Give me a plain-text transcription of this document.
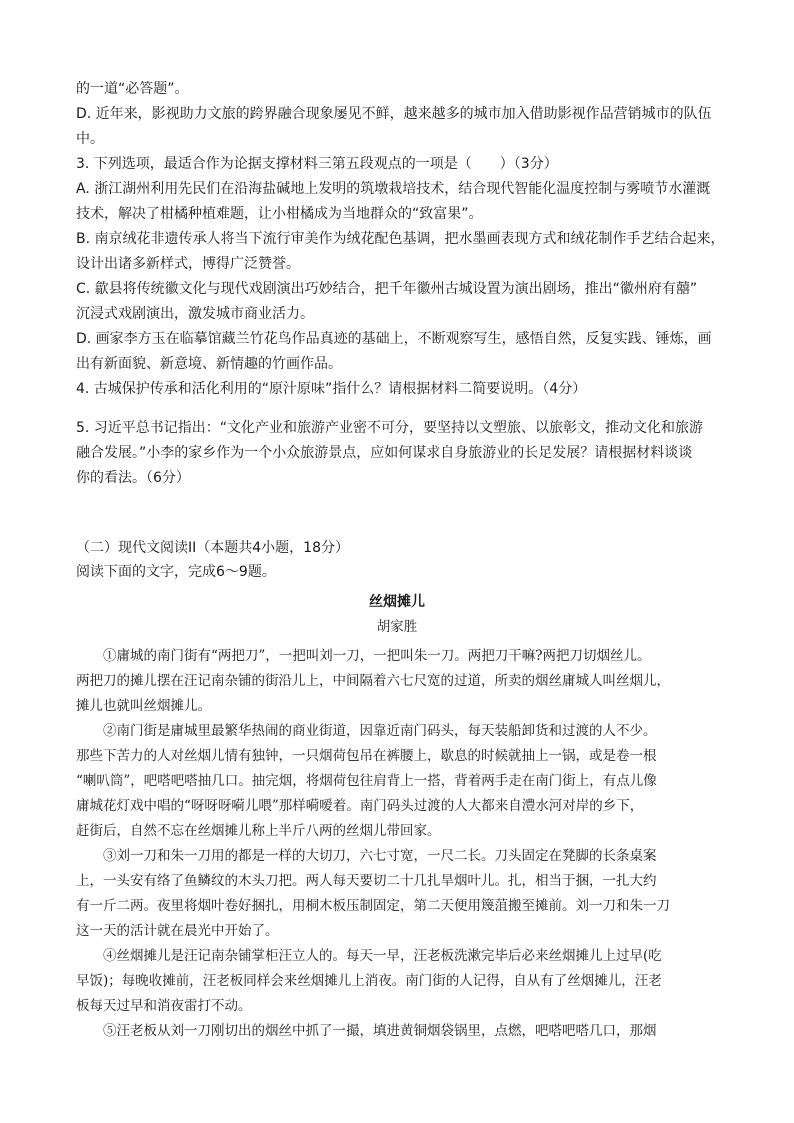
的一道“必答题”。
D. 近年来，影视助力文旅的跨界融合现象屡见不鲜，越来越多的城市加入借助影视作品营销城市的队伍
中。
3. 下列选项，最适合作为论据支撑材料三第五段观点的一项是（　　）（3分）
A. 浙江湖州利用先民们在沿海盐碱地上发明的筑墩栽培技术，结合现代智能化温度控制与雾喷节水灌溉
技术，解决了柑橘种植难题，让小柑橘成为当地群众的“致富果”。
B. 南京绒花非遗传承人将当下流行审美作为绒花配色基调，把水墨画表现方式和绒花制作手艺结合起来，
设计出诸多新样式，博得广泛赞誉。
C. 歙县将传统徽文化与现代戏剧演出巧妙结合，把千年徽州古城设置为演出剧场，推出“徽州府有囍”
沉浸式戏剧演出，激发城市商业活力。
D. 画家李方玉在临摹馆藏兰竹花鸟作品真迹的基础上，不断观察写生，感悟自然，反复实践、锤炼，画
出有新面貌、新意境、新情趣的竹画作品。
4. 古城保护传承和活化利用的“原汁原味”指什么？请根据材料二简要说明。（4分）
5. 习近平总书记指出：“文化产业和旅游产业密不可分，要坚持以文塑旅、以旅彰文，推动文化和旅游
融合发展。”小李的家乡作为一个小众旅游景点，应如何谋求自身旅游业的长足发展？请根据材料谈谈
你的看法。（6分）
（二）现代文阅读II（本题共4小题，18分）
阅读下面的文字，完成6～9题。
丝烟摊儿
胡家胜
　　①庸城的南门街有“两把刀”，一把叫刘一刀，一把叫朱一刀。两把刀干嘛?两把刀切烟丝儿。
两把刀的摊儿摆在汪记南杂铺的街沿儿上，中间隔着六七尺宽的过道，所卖的烟丝庸城人叫丝烟儿，
摊儿也就叫丝烟摊儿。
　　②南门街是庸城里最繁华热闹的商业街道，因靠近南门码头，每天装船卸货和过渡的人不少。
那些下苦力的人对丝烟儿情有独钟，一只烟荷包吊在裤腰上，歇息的时候就抽上一锅，或是卷一根
“喇叭筒”，吧嗒吧嗒抽几口。抽完烟，将烟荷包往肩背上一搭，背着两手走在南门街上，有点儿像
庸城花灯戏中唱的“呀呀呀嗬儿喂”那样嗬嗳着。南门码头过渡的人大都来自澧水河对岸的乡下，
赶街后，自然不忘在丝烟摊儿称上半斤八两的丝烟儿带回家。
　　③刘一刀和朱一刀用的都是一样的大切刀，六七寸宽，一尺二长。刀头固定在凳脚的长条桌案
上，一头安有络了鱼鳞纹的木头刀把。两人每天要切二十几扎旱烟叶儿。扎，相当于捆，一扎大约
有一斤二两。夜里将烟叶卷好捆扎，用桐木板压制固定，第二天便用篾菹搬至摊前。刘一刀和朱一刀
这一天的活计就在晨光中开始了。
　　④丝烟摊儿是汪记南杂铺掌柜汪立人的。每天一早，汪老板洗漱完毕后必来丝烟摊儿上过早(吃
早饭)；每晚收摊前，汪老板同样会来丝烟摊儿上消夜。南门街的人记得，自从有了丝烟摊儿，汪老
板每天过早和消夜雷打不动。
　　⑤汪老板从刘一刀刚切出的烟丝中抓了一撮，填进黄铜烟袋锅里，点燃，吧嗒吧嗒几口，那烟
